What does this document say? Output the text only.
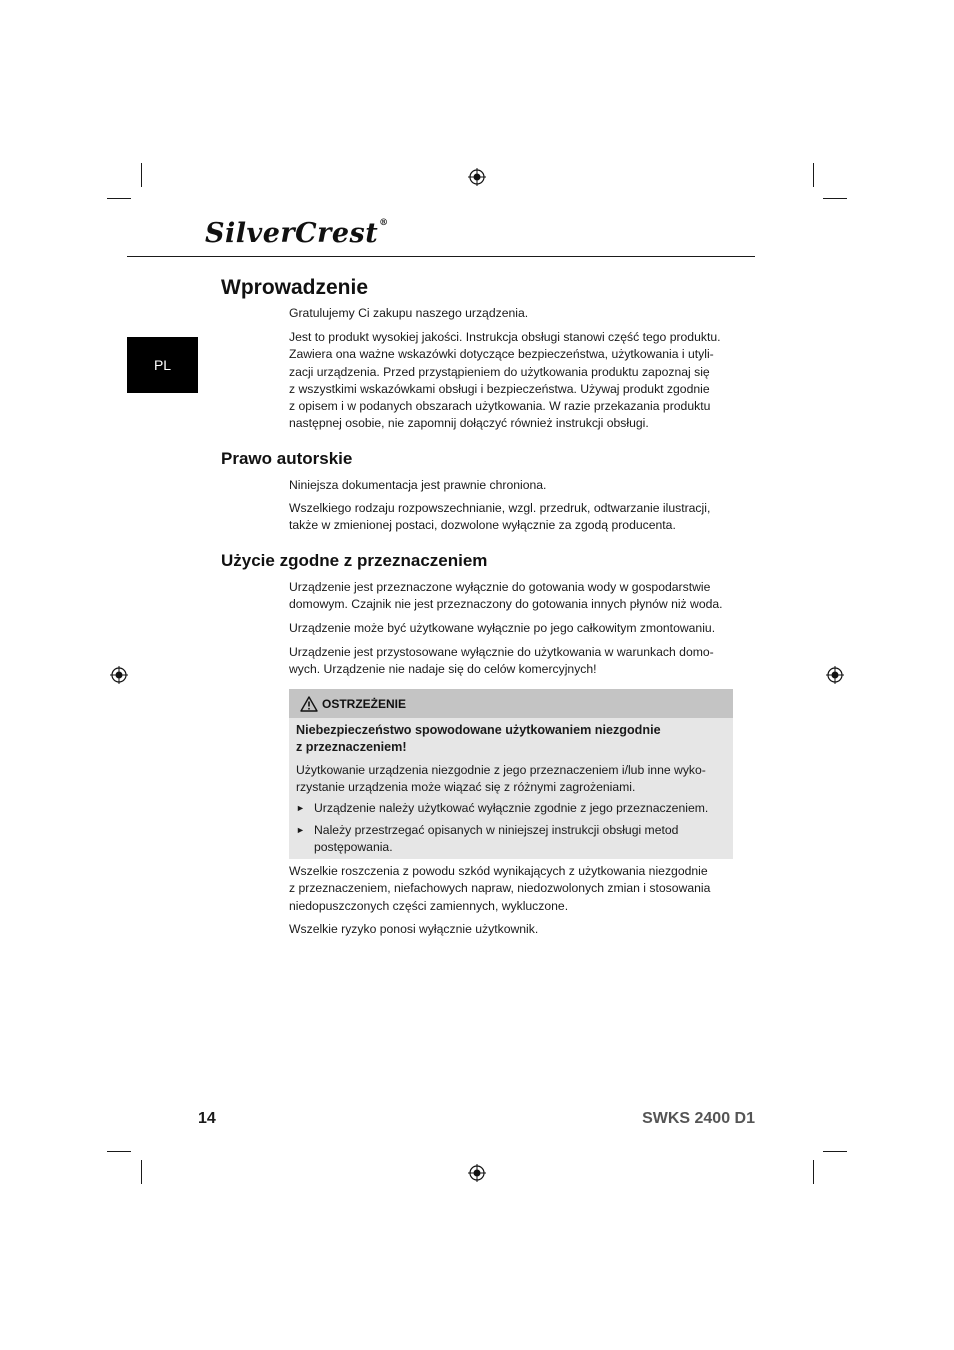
SilverCrest®
PL
Wprowadzenie

Gratulujemy Ci zakupu naszego urządzenia.

Jest to produkt wysokiej jakości. Instrukcja obsługi stanowi część tego produktu.
Zawiera ona ważne wskazówki dotyczące bezpieczeństwa, użytkowania i utyli-
zacji urządzenia. Przed przystąpieniem do użytkowania produktu zapoznaj się
z wszystkimi wskazówkami obsługi i bezpieczeństwa. Używaj produkt zgodnie
z opisem i w podanych obszarach użytkowania. W razie przekazania produktu
następnej osobie, nie zapomnij dołączyć również instrukcji obsługi.

Prawo autorskie

Niniejsza dokumentacja jest prawnie chroniona.

Wszelkiego rodzaju rozpowszechnianie, wzgl. przedruk, odtwarzanie ilustracji,
także w zmienionej postaci, dozwolone wyłącznie za zgodą producenta.

Użycie zgodne z przeznaczeniem

Urządzenie jest przeznaczone wyłącznie do gotowania wody w gospodarstwie
domowym. Czajnik nie jest przeznaczony do gotowania innych płynów niż woda.

Urządzenie może być użytkowane wyłącznie po jego całkowitym zmontowaniu.

Urządzenie jest przystosowane wyłącznie do użytkowania w warunkach domo-
wych. Urządzenie nie nadaje się do celów komercyjnych!

OSTRZEŻENIE

Niebezpieczeństwo spowodowane użytkowaniem niezgodnie
z przeznaczeniem!

Użytkowanie urządzenia niezgodnie z jego przeznaczeniem i/lub inne wyko-
rzystanie urządzenia może wiązać się z różnymi zagrożeniami.

► Urządzenie należy użytkować wyłącznie zgodnie z jego przeznaczeniem.
► Należy przestrzegać opisanych w niniejszej instrukcji obsługi metod
postępowania.

Wszelkie roszczenia z powodu szkód wynikających z użytkowania niezgodnie
z przeznaczeniem, niefachowych napraw, niedozwolonych zmian i stosowania
niedopuszczonych części zamiennych, wykluczone.

Wszelkie ryzyko ponosi wyłącznie użytkownik.

14	SWKS 2400 D1
